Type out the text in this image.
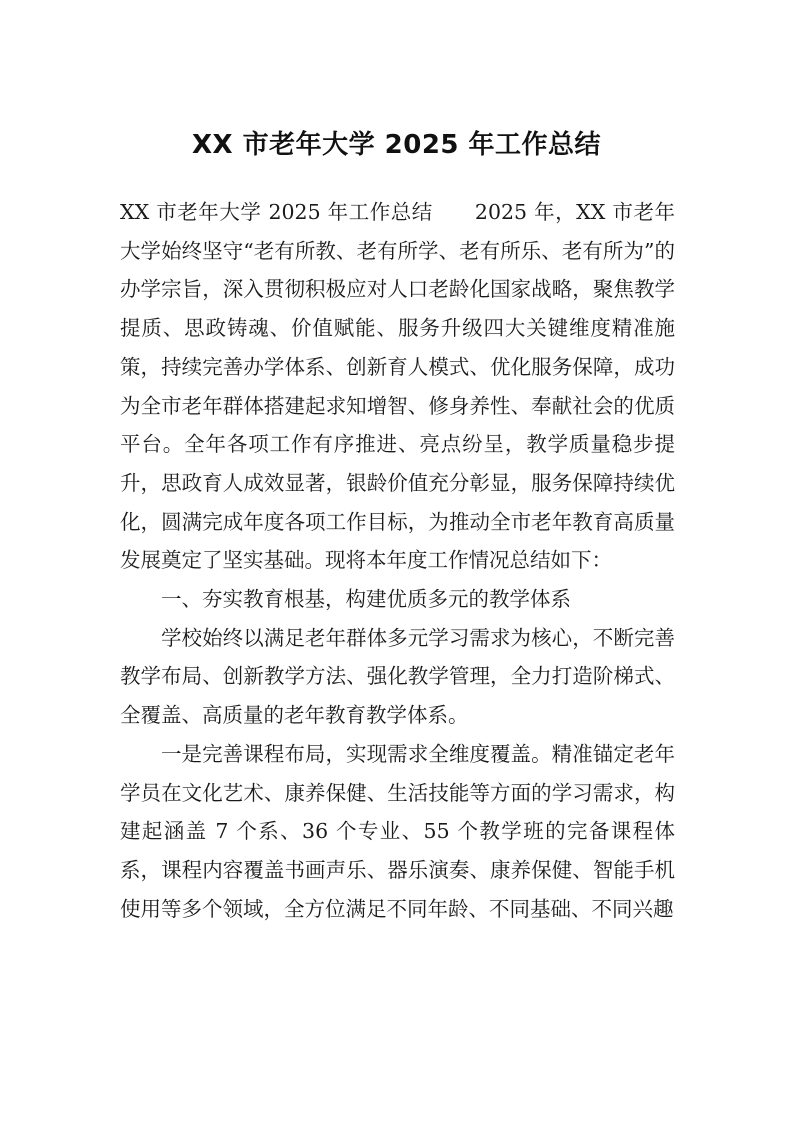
XX 市老年大学 2025 年工作总结

XX 市老年大学 2025 年工作总结　　2025 年，XX 市老年大学始终坚守“老有所教、老有所学、老有所乐、老有所为”的办学宗旨，深入贯彻积极应对人口老龄化国家战略，聚焦教学提质、思政铸魂、价值赋能、服务升级四大关键维度精准施策，持续完善办学体系、创新育人模式、优化服务保障，成功为全市老年群体搭建起求知增智、修身养性、奉献社会的优质平台。全年各项工作有序推进、亮点纷呈，教学质量稳步提升，思政育人成效显著，银龄价值充分彰显，服务保障持续优化，圆满完成年度各项工作目标，为推动全市老年教育高质量发展奠定了坚实基础。现将本年度工作情况总结如下：

一、夯实教育根基，构建优质多元的教学体系

学校始终以满足老年群体多元学习需求为核心，不断完善教学布局、创新教学方法、强化教学管理，全力打造阶梯式、全覆盖、高质量的老年教育教学体系。

一是完善课程布局，实现需求全维度覆盖。精准锚定老年学员在文化艺术、康养保健、生活技能等方面的学习需求，构建起涵盖 7 个系、36 个专业、55 个教学班的完备课程体系，课程内容覆盖书画声乐、器乐演奏、康养保健、智能手机使用等多个领域，全方位满足不同年龄、不同基础、不同兴趣
